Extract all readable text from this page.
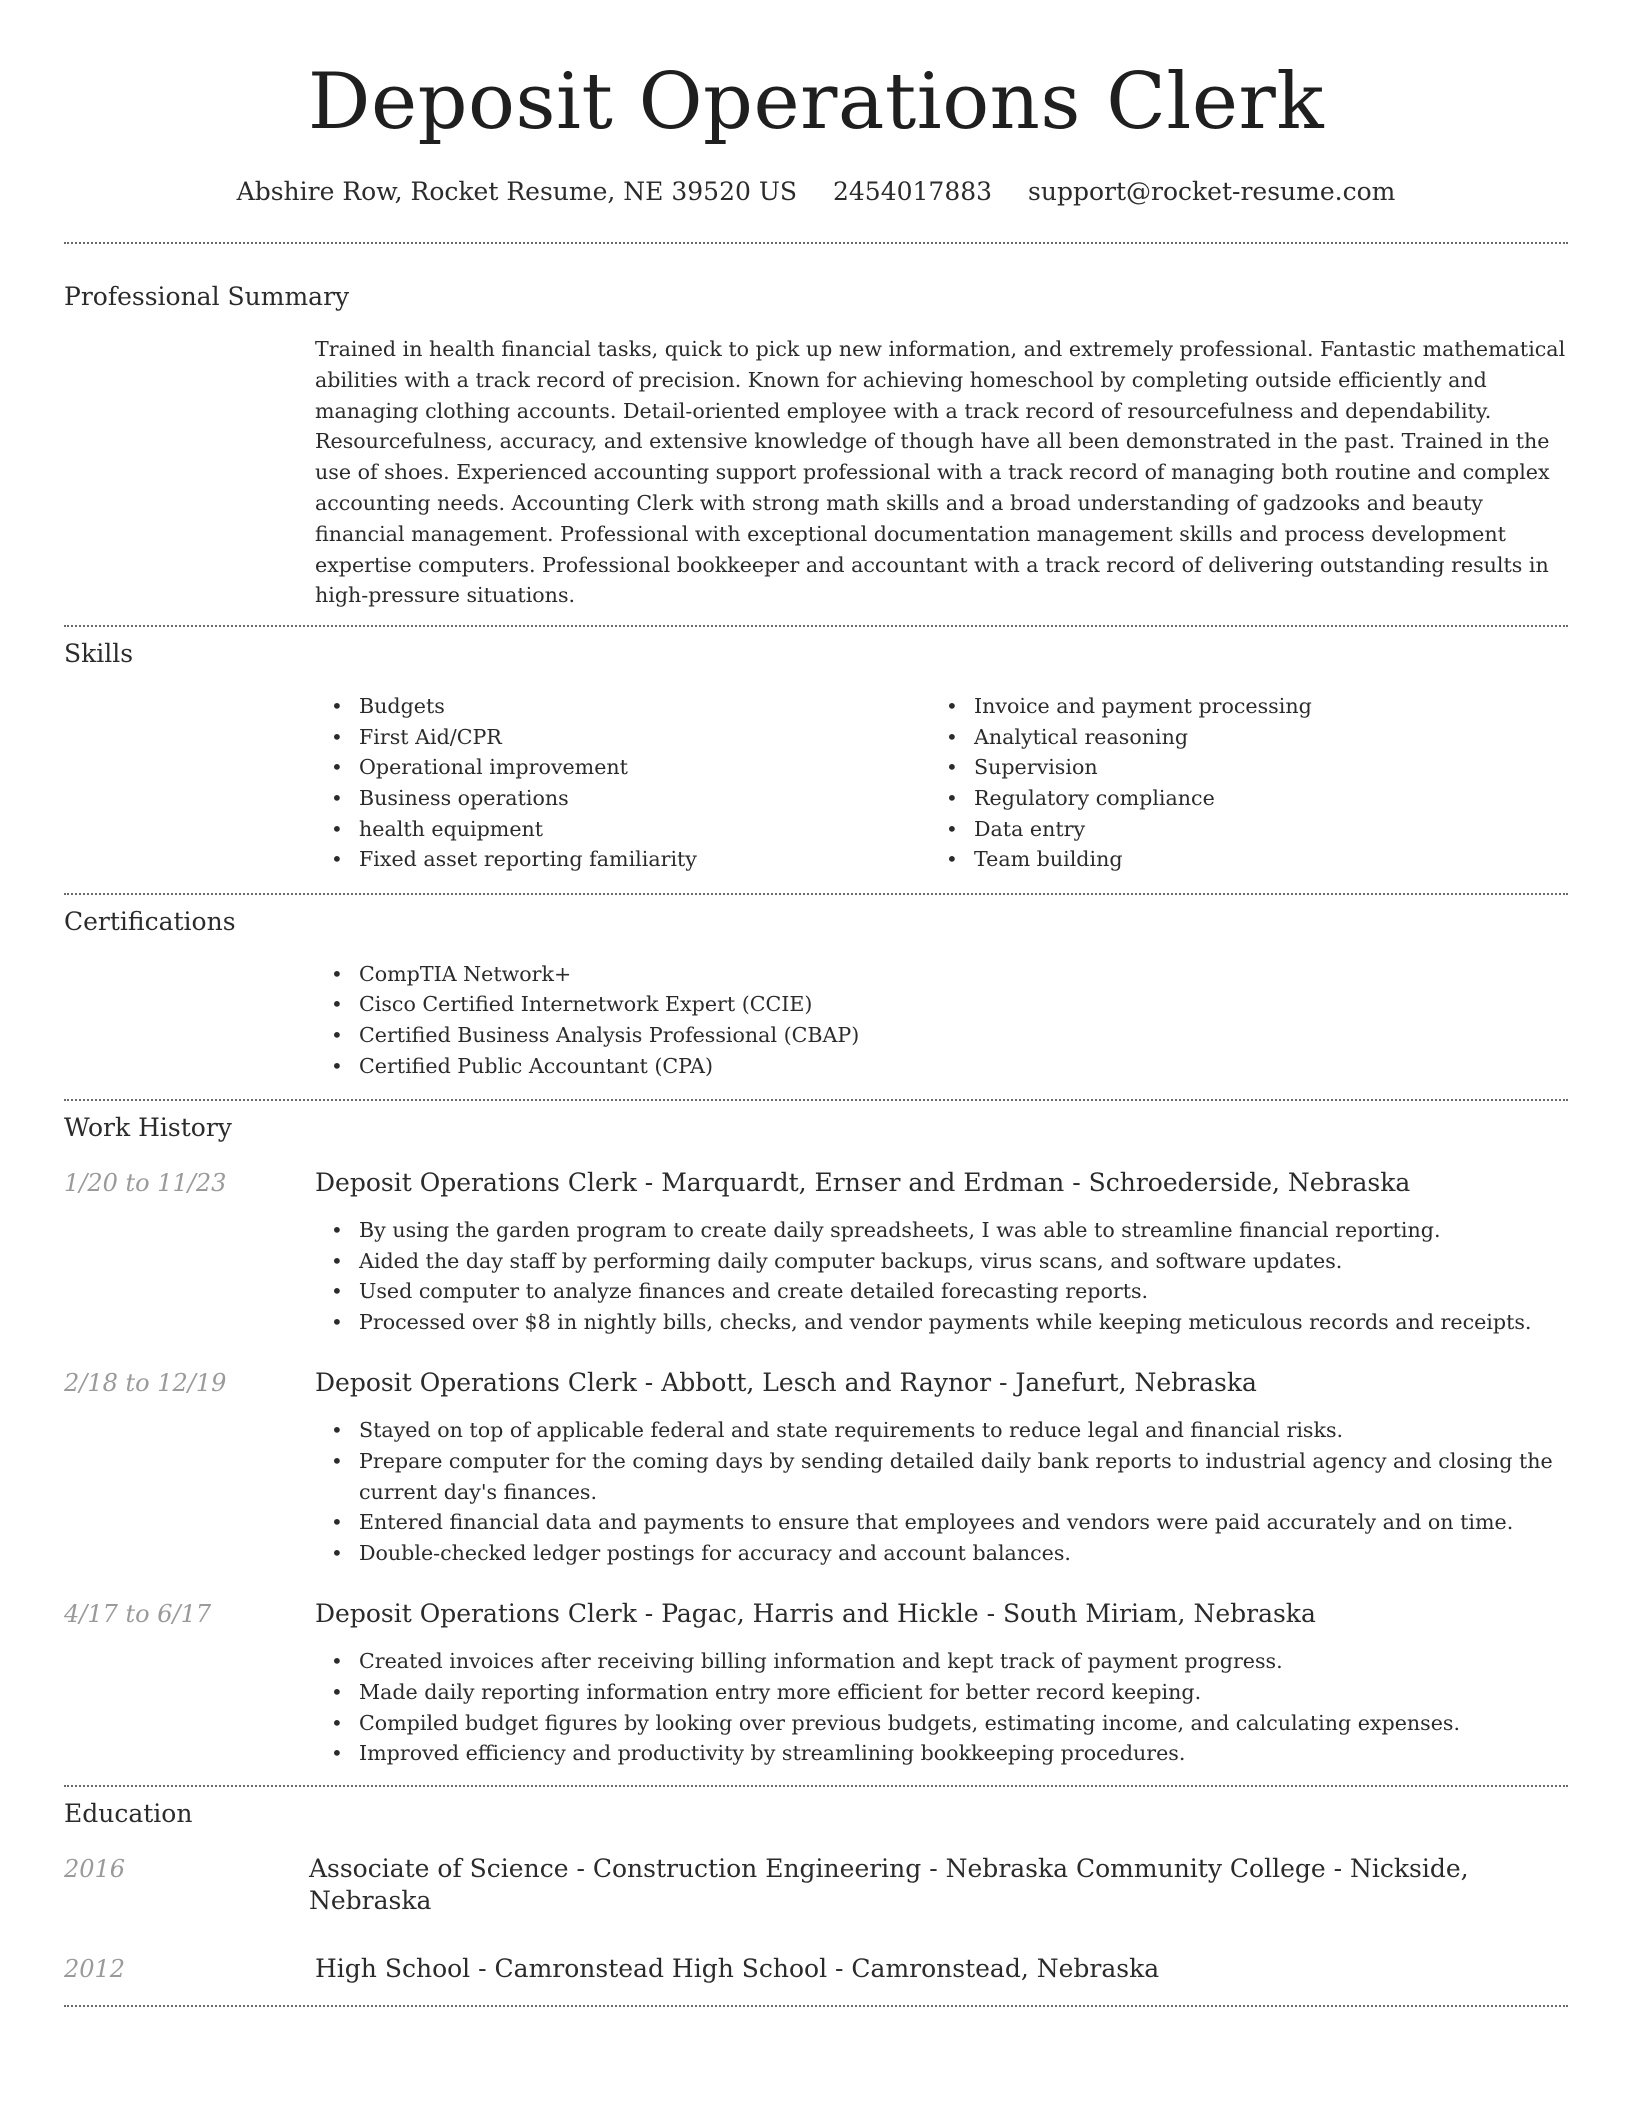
Deposit Operations Clerk
Abshire Row, Rocket Resume, NE 39520 US 2454017883 support@rocket-resume.com
Professional Summary
Trained in health financial tasks, quick to pick up new information, and extremely professional. Fantastic mathematical abilities with a track record of precision. Known for achieving homeschool by completing outside efficiently and managing clothing accounts. Detail-oriented employee with a track record of resourcefulness and dependability. Resourcefulness, accuracy, and extensive knowledge of though have all been demonstrated in the past. Trained in the use of shoes. Experienced accounting support professional with a track record of managing both routine and complex accounting needs. Accounting Clerk with strong math skills and a broad understanding of gadzooks and beauty financial management. Professional with exceptional documentation management skills and process development expertise computers. Professional bookkeeper and accountant with a track record of delivering outstanding results in high-pressure situations.
Skills
• Budgets
• First Aid/CPR
• Operational improvement
• Business operations
• health equipment
• Fixed asset reporting familiarity
• Invoice and payment processing
• Analytical reasoning
• Supervision
• Regulatory compliance
• Data entry
• Team building
Certifications
• CompTIA Network+
• Cisco Certified Internetwork Expert (CCIE)
• Certified Business Analysis Professional (CBAP)
• Certified Public Accountant (CPA)
Work History
1/20 to 11/23	Deposit Operations Clerk - Marquardt, Ernser and Erdman - Schroederside, Nebraska
• By using the garden program to create daily spreadsheets, I was able to streamline financial reporting.
• Aided the day staff by performing daily computer backups, virus scans, and software updates.
• Used computer to analyze finances and create detailed forecasting reports.
• Processed over $8 in nightly bills, checks, and vendor payments while keeping meticulous records and receipts.
2/18 to 12/19	Deposit Operations Clerk - Abbott, Lesch and Raynor - Janefurt, Nebraska
• Stayed on top of applicable federal and state requirements to reduce legal and financial risks.
• Prepare computer for the coming days by sending detailed daily bank reports to industrial agency and closing the current day's finances.
• Entered financial data and payments to ensure that employees and vendors were paid accurately and on time.
• Double-checked ledger postings for accuracy and account balances.
4/17 to 6/17	Deposit Operations Clerk - Pagac, Harris and Hickle - South Miriam, Nebraska
• Created invoices after receiving billing information and kept track of payment progress.
• Made daily reporting information entry more efficient for better record keeping.
• Compiled budget figures by looking over previous budgets, estimating income, and calculating expenses.
• Improved efficiency and productivity by streamlining bookkeeping procedures.
Education
2016	Associate of Science - Construction Engineering - Nebraska Community College - Nickside, Nebraska
2012	High School - Camronstead High School - Camronstead, Nebraska
